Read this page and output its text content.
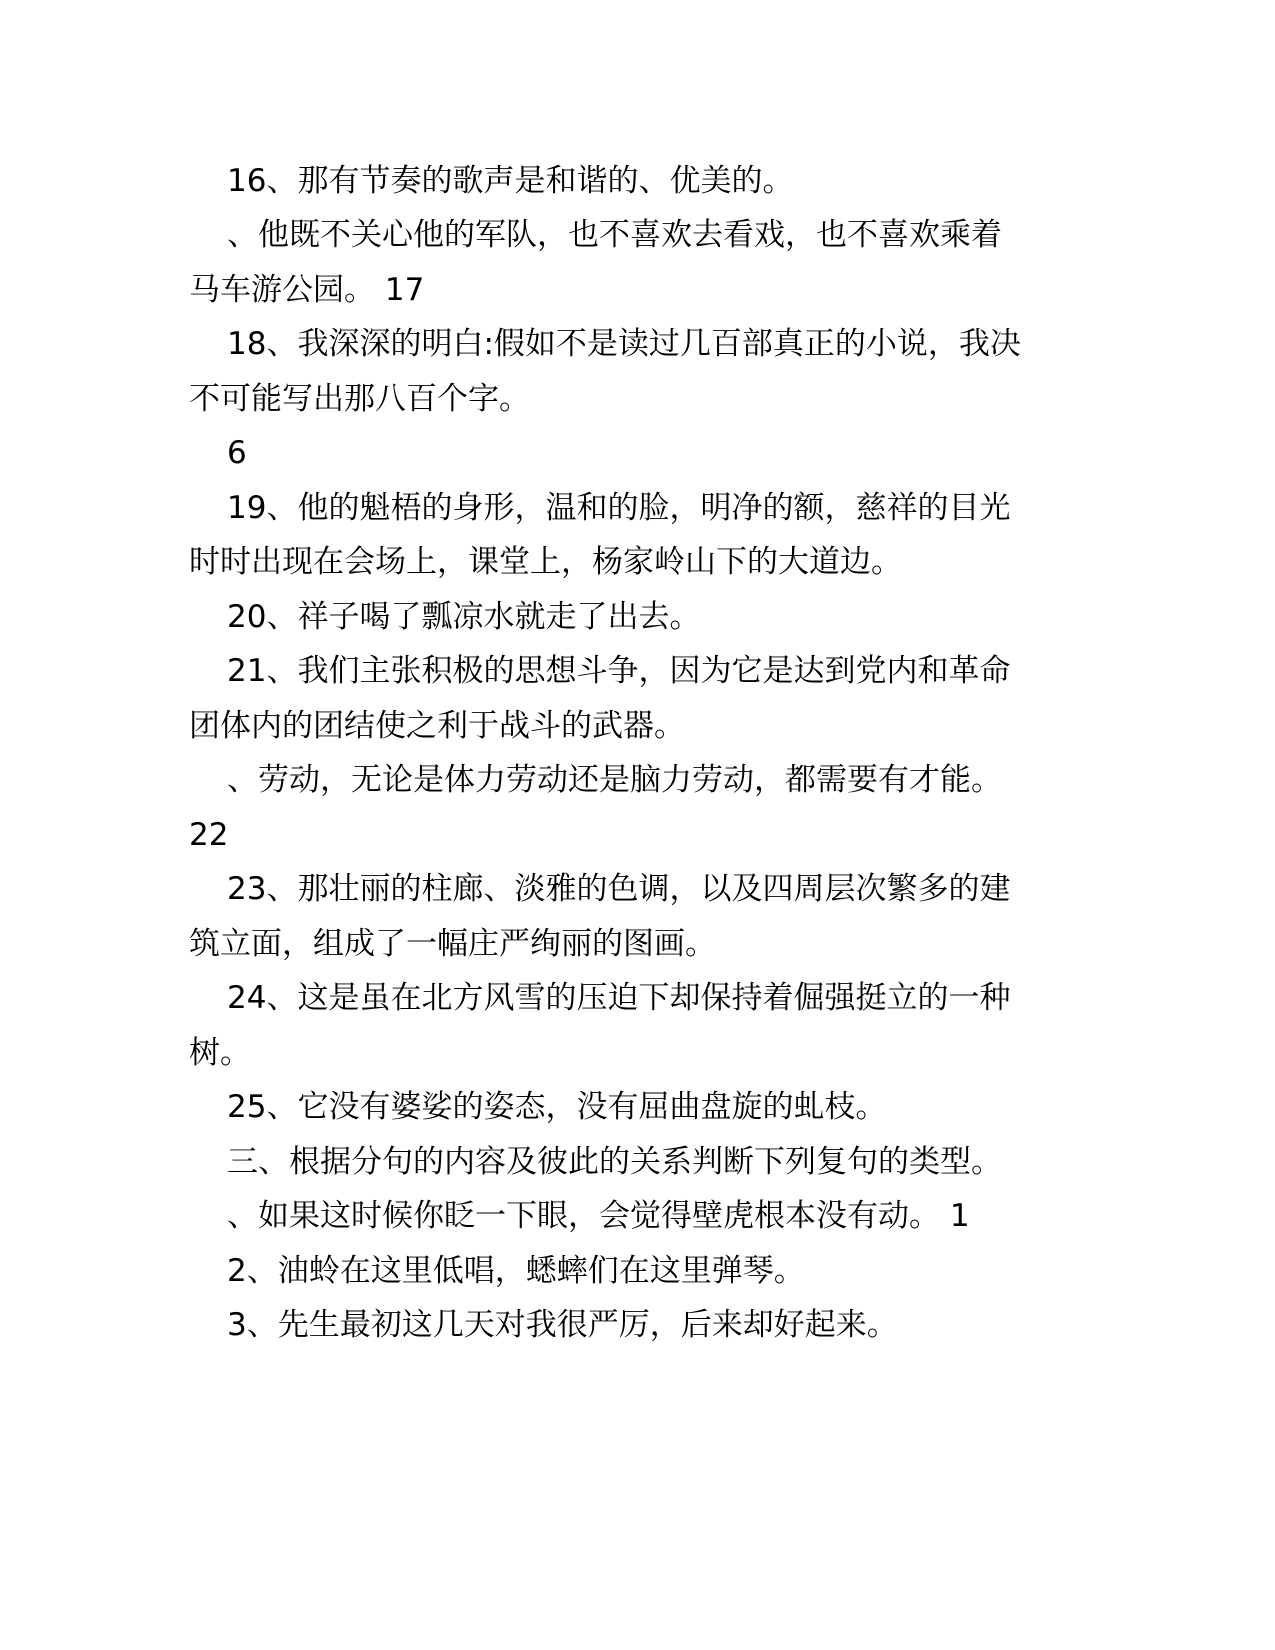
16、那有节奏的歌声是和谐的、优美的。
、他既不关心他的军队，也不喜欢去看戏，也不喜欢乘着
马车游公园。 17
18、我深深的明白:假如不是读过几百部真正的小说，我决
不可能写出那八百个字。
6
19、他的魁梧的身形，温和的脸，明净的额，慈祥的目光
时时出现在会场上，课堂上，杨家岭山下的大道边。
20、祥子喝了瓢凉水就走了出去。
21、我们主张积极的思想斗争，因为它是达到党内和革命
团体内的团结使之利于战斗的武器。
、劳动，无论是体力劳动还是脑力劳动，都需要有才能。
22
23、那壮丽的柱廊、淡雅的色调，以及四周层次繁多的建
筑立面，组成了一幅庄严绚丽的图画。
24、这是虽在北方风雪的压迫下却保持着倔强挺立的一种
树。
25、它没有婆娑的姿态，没有屈曲盘旋的虬枝。
三、根据分句的内容及彼此的关系判断下列复句的类型。
、如果这时候你眨一下眼，会觉得壁虎根本没有动。 1
2、油蛉在这里低唱，蟋蟀们在这里弹琴。
3、先生最初这几天对我很严厉，后来却好起来。
